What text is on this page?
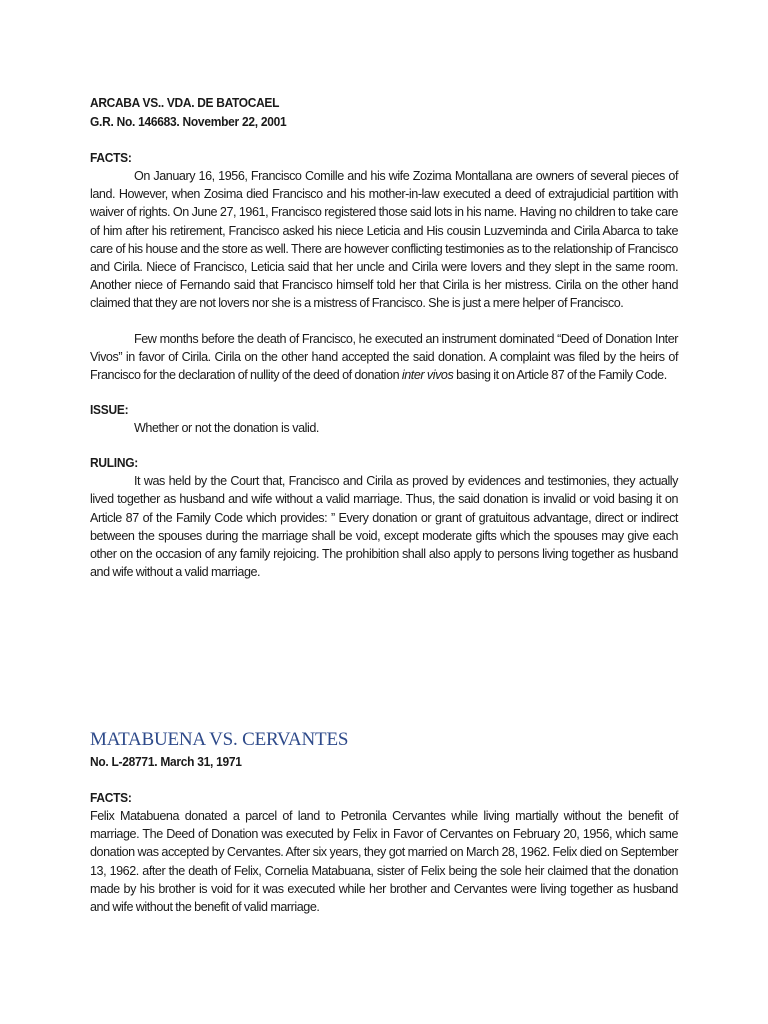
ARCABA VS.. VDA. DE BATOCAEL
G.R. No. 146683. November 22, 2001
FACTS:

On January 16, 1956, Francisco Comille and his wife Zozima Montallana are owners of several pieces of land. However, when Zosima died Francisco and his mother-in-law executed a deed of extrajudicial partition with waiver of rights. On June 27, 1961, Francisco registered those said lots in his name. Having no children to take care of him after his retirement, Francisco asked his niece Leticia and His cousin Luzveminda and Cirila Abarca to take care of his house and the store as well. There are however conflicting testimonies as to the relationship of Francisco and Cirila. Niece of Francisco, Leticia said that her uncle and Cirila were lovers and they slept in the same room. Another niece of Fernando said that Francisco himself told her that Cirila is her mistress. Cirila on the other hand claimed that they are not lovers nor she is a mistress of Francisco. She is just a mere helper of Francisco.

Few months before the death of Francisco, he executed an instrument dominated “Deed of Donation Inter Vivos” in favor of Cirila. Cirila on the other hand accepted the said donation. A complaint was filed by the heirs of Francisco for the declaration of nullity of the deed of donation inter vivos basing it on Article 87 of the Family Code.

ISSUE:

Whether or not the donation is valid.

RULING:

It was held by the Court that, Francisco and Cirila as proved by evidences and testimonies, they actually lived together as husband and wife without a valid marriage. Thus, the said donation is invalid or void basing it on Article 87 of the Family Code which provides: ” Every donation or grant of gratuitous advantage, direct or indirect between the spouses during the marriage shall be void, except moderate gifts which the spouses may give each other on the occasion of any family rejoicing. The prohibition shall also apply to persons living together as husband and wife without a valid marriage.

MATABUENA VS. CERVANTES
No. L-28771. March 31, 1971
FACTS:

Felix Matabuena donated a parcel of land to Petronila Cervantes while living martially without the benefit of marriage. The Deed of Donation was executed by Felix in Favor of Cervantes on February 20, 1956, which same donation was accepted by Cervantes. After six years, they got married on March 28, 1962. Felix died on September 13, 1962. after the death of Felix, Cornelia Matabuana, sister of Felix being the sole heir claimed that the donation made by his brother is void for it was executed while her brother and Cervantes were living together as husband and wife without the benefit of valid marriage.
